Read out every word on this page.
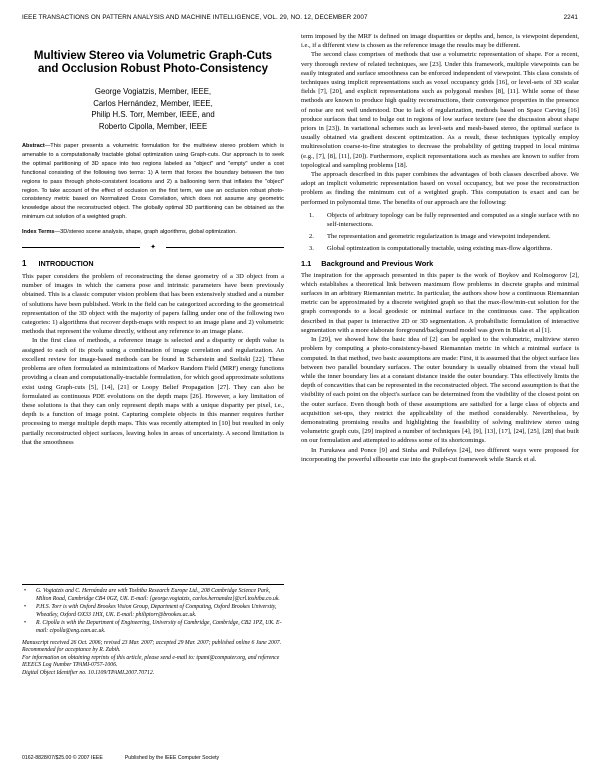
IEEE TRANSACTIONS ON PATTERN ANALYSIS AND MACHINE INTELLIGENCE, VOL. 29, NO. 12, DECEMBER 2007	2241
Multiview Stereo via Volumetric Graph-Cuts
and Occlusion Robust Photo-Consistency
George Vogiatzis, Member, IEEE,
Carlos Hernández, Member, IEEE,
Philip H.S. Torr, Member, IEEE, and
Roberto Cipolla, Member, IEEE
Abstract—This paper presents a volumetric formulation for the multiview stereo problem which is amenable to a computationally tractable global optimization using Graph-cuts. Our approach is to seek the optimal partitioning of 3D space into two regions labeled as "object" and "empty" under a cost functional consisting of the following two terms: 1) A term that forces the boundary between the two regions to pass through photo-consistent locations and 2) a ballooning term that inflates the "object" region. To take account of the effect of occlusion on the first term, we use an occlusion robust photo-consistency metric based on Normalized Cross Correlation, which does not assume any geometric knowledge about the reconstructed object. The globally optimal 3D partitioning can be obtained as the minimum cut solution of a weighted graph.
Index Terms—3D/stereo scene analysis, shape, graph algorithms, global optimization.
✦
1 INTRODUCTION

This paper considers the problem of reconstructing the dense geometry of a 3D object from a number of images in which the camera pose and intrinsic parameters have been previously obtained. This is a classic computer vision problem that has been extensively studied and a number of solutions have been published. Work in the field can be categorized according to the geometrical representation of the 3D object with the majority of papers falling under one of the following two categories: 1) algorithms that recover depth-maps with respect to an image plane and 2) volumetric methods that represent the volume directly, without any reference to an image plane.

In the first class of methods, a reference image is selected and a disparity or depth value is assigned to each of its pixels using a combination of image correlation and regularization. An excellent review for image-based methods can be found in Scharstein and Szeliski [22]. These problems are often formulated as minimizations of Markov Random Field (MRF) energy functions providing a clean and computationally-tractable formulation, for which good approximate solutions exist using Graph-cuts [5], [14], [21] or Loopy Belief Propagation [27]. They can also be formulated as continuous PDE evolutions on the depth maps [26]. However, a key limitation of these solutions is that they can only represent depth maps with a unique disparity per pixel, i.e., depth is a function of image point. Capturing complete objects in this manner requires further processing to merge multiple depth maps. This was recently attempted in [10] but resulted in only partially reconstructed object surfaces, leaving holes in areas of uncertainty. A second limitation is that the smoothness

•	G. Vogiatzis and C. Hernández are with Toshiba Research Europe Ltd., 208 Cambridge Science Park, Milton Road, Cambridge CB4 0GZ, UK. E-mail: {george.vogiatzis, carlos.hernandez}@crl.toshiba.co.uk.
•	P.H.S. Torr is with Oxford Brookes Vision Group, Department of Computing, Oxford Brookes University, Wheatley, Oxford OX33 1HX, UK. E-mail: philiptorr@brookes.ac.uk.
•	R. Cipolla is with the Department of Engineering, University of Cambridge, Cambridge, CB2 1PZ, UK. E-mail: cipolla@eng.cam.ac.uk.
Manuscript received 26 Oct. 2006; revised 23 Mar. 2007; accepted 29 Mar. 2007; published online 6 June 2007.
Recommended for acceptance by R. Zabih.
For information on obtaining reprints of this article, please send e-mail to: tpami@computer.org, and reference IEEECS Log Number TPAMI-0757-1006.
Digital Object Identifier no. 10.1109/TPAMI.2007.70712.
0162-8828/07/$25.00 © 2007 IEEE	Published by the IEEE Computer Society

term imposed by the MRF is defined on image disparities or depths and, hence, is viewpoint dependent, i.e., if a different view is chosen as the reference image the results may be different.

The second class comprises of methods that use a volumetric representation of shape. For a recent, very thorough review of related techniques, see [23]. Under this framework, multiple viewpoints can be easily integrated and surface smoothness can be enforced independent of viewpoint. This class consists of techniques using implicit representations such as voxel occupancy grids [16], or level-sets of 3D scalar fields [7], [20], and explicit representations such as polygonal meshes [8], [11]. While some of these methods are known to produce high quality reconstructions, their convergence properties in the presence of noise are not well understood. Due to lack of regularization, methods based on Space Carving [16] produce surfaces that tend to bulge out in regions of low surface texture (see the discussion about shape priors in [23]). In variational schemes such as level-sets and mesh-based stereo, the optimal surface is usually obtained via gradient descent optimization. As a result, these techniques typically employ multiresolution coarse-to-fine strategies to decrease the probability of getting trapped in local minima (e.g., [7], [8], [11], [20]). Furthermore, explicit representations such as meshes are known to suffer from topological and sampling problems [18].

The approach described in this paper combines the advantages of both classes described above. We adopt an implicit volumetric representation based on voxel occupancy, but we pose the reconstruction problem as finding the minimum cut of a weighted graph. This computation is exact and can be performed in polynomial time. The benefits of our approach are the following:

1.	Objects of arbitrary topology can be fully represented and computed as a single surface with no self-intersections.
2.	The representation and geometric regularization is image and viewpoint independent.
3.	Global optimization is computationally tractable, using existing max-flow algorithms.
1.1 Background and Previous Work

The inspiration for the approach presented in this paper is the work of Boykov and Kolmogorov [2], which establishes a theoretical link between maximum flow problems in discrete graphs and minimal surfaces in an arbitrary Riemannian metric. In particular, the authors show how a continuous Riemannian metric can be approximated by a discrete weighted graph so that the max-flow/min-cut solution for the graph corresponds to a local geodesic or minimal surface in the continuous case. The application described in that paper is interactive 2D or 3D segmentation. A probabilistic formulation of interactive segmentation with a more elaborate foreground/background model was given in Blake et al [1].

In [29], we showed how the basic idea of [2] can be applied to the volumetric, multiview stereo problem by computing a photo-consistency-based Riemannian metric in which a minimal surface is computed. In that method, two basic assumptions are made: First, it is assumed that the object surface lies between two parallel boundary surfaces. The outer boundary is usually obtained from the visual hull while the inner boundary lies at a constant distance inside the outer boundary. This effectively limits the depth of concavities that can be represented in the reconstructed object. The second assumption is that the visibility of each point on the object's surface can be determined from the visibility of the closest point on the outer surface. Even though both of these assumptions are satisfied for a large class of objects and acquisition set-ups, they restrict the applicability of the method considerably. Nevertheless, by demonstrating promising results and highlighting the feasibility of solving multiview stereo using volumetric graph cuts, [29] inspired a number of techniques [4], [9], [13], [17], [24], [25], [28] that built on our formulation and attempted to address some of its shortcomings.

In Furukawa and Ponce [9] and Sinha and Pollefeys [24], two different ways were proposed for incorporating the powerful silhouette cue into the graph-cut framework while Starck et al.
